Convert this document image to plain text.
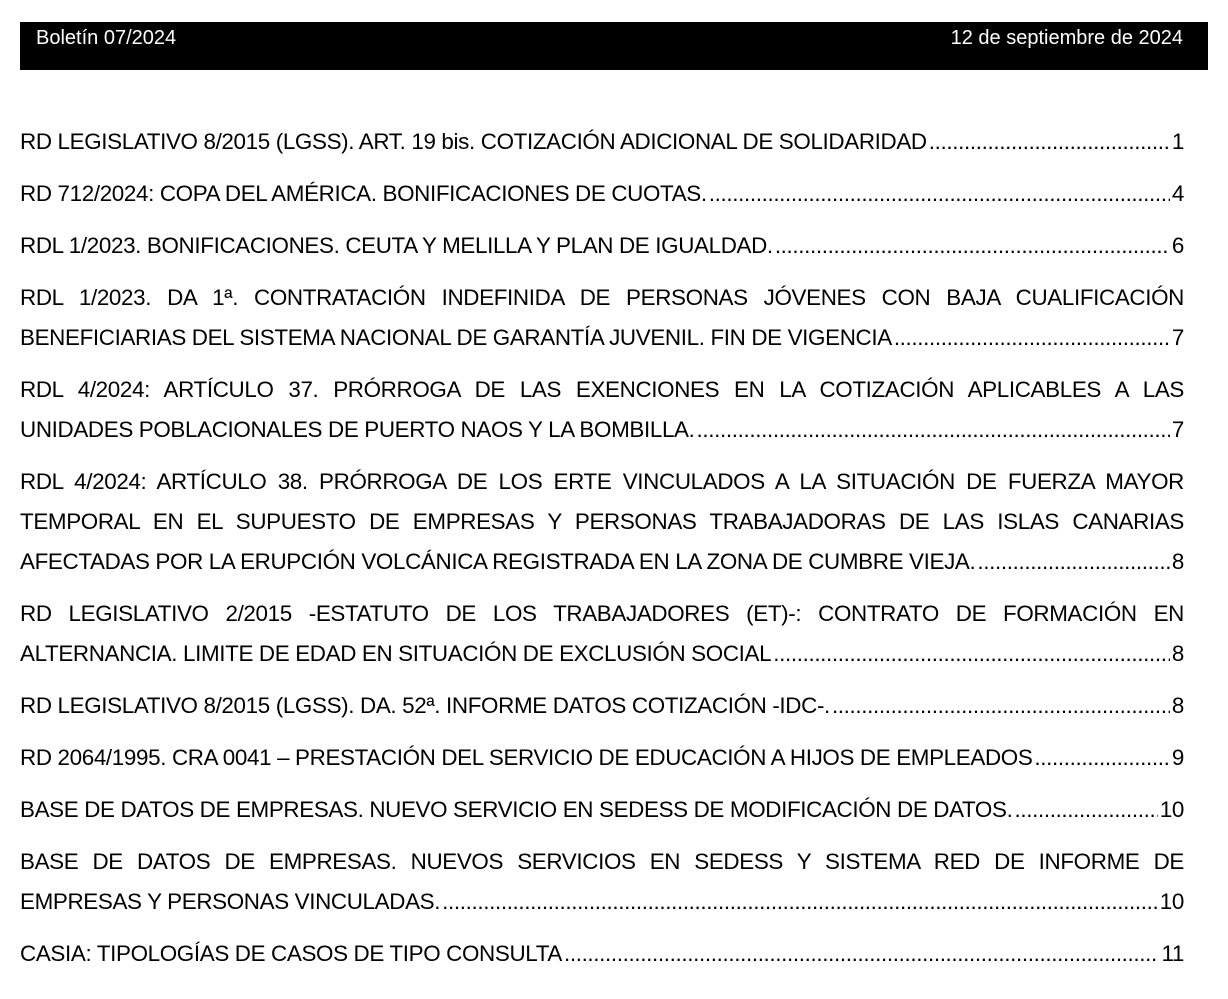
Boletín 07/2024	12 de septiembre de 2024
RD LEGISLATIVO 8/2015 (LGSS). ART. 19 bis. COTIZACIÓN ADICIONAL DE SOLIDARIDAD .....	1
RD 712/2024: COPA DEL AMÉRICA. BONIFICACIONES DE CUOTAS. .....	4
RDL 1/2023. BONIFICACIONES. CEUTA Y MELILLA Y PLAN DE IGUALDAD. .....	6
RDL 1/2023. DA 1ª. CONTRATACIÓN INDEFINIDA DE PERSONAS JÓVENES CON BAJA CUALIFICACIÓN
BENEFICIARIAS DEL SISTEMA NACIONAL DE GARANTÍA JUVENIL. FIN DE VIGENCIA .....	7
RDL 4/2024: ARTÍCULO 37. PRÓRROGA DE LAS EXENCIONES EN LA COTIZACIÓN APLICABLES A LAS
UNIDADES POBLACIONALES DE PUERTO NAOS Y LA BOMBILLA. .....	7
RDL 4/2024: ARTÍCULO 38. PRÓRROGA DE LOS ERTE VINCULADOS A LA SITUACIÓN DE FUERZA MAYOR
TEMPORAL EN EL SUPUESTO DE EMPRESAS Y PERSONAS TRABAJADORAS DE LAS ISLAS CANARIAS
AFECTADAS POR LA ERUPCIÓN VOLCÁNICA REGISTRADA EN LA ZONA DE CUMBRE VIEJA. .....	8
RD LEGISLATIVO 2/2015 -ESTATUTO DE LOS TRABAJADORES (ET)-: CONTRATO DE FORMACIÓN EN
ALTERNANCIA. LIMITE DE EDAD EN SITUACIÓN DE EXCLUSIÓN SOCIAL .....	8
RD LEGISLATIVO 8/2015 (LGSS). DA. 52ª. INFORME DATOS COTIZACIÓN -IDC-. .....	8
RD 2064/1995. CRA 0041 – PRESTACIÓN DEL SERVICIO DE EDUCACIÓN A HIJOS DE EMPLEADOS .....	9
BASE DE DATOS DE EMPRESAS. NUEVO SERVICIO EN SEDESS DE MODIFICACIÓN DE DATOS. .....	10
BASE DE DATOS DE EMPRESAS. NUEVOS SERVICIOS EN SEDESS Y SISTEMA RED DE INFORME DE
EMPRESAS Y PERSONAS VINCULADAS. .....	10
CASIA: TIPOLOGÍAS DE CASOS DE TIPO CONSULTA .....	11
